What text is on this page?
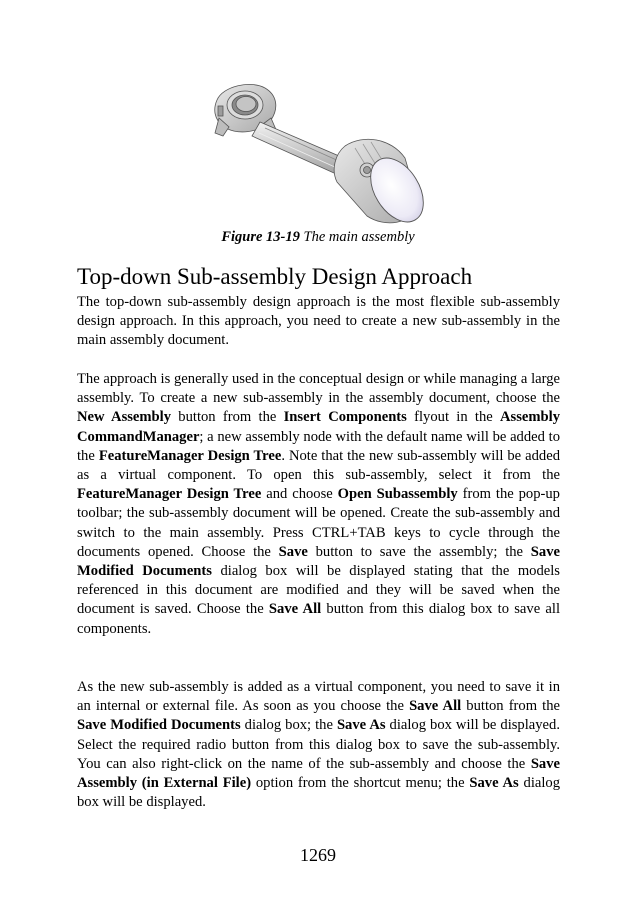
Figure 13-19 The main assembly
Top-down Sub-assembly Design Approach

The top-down sub-assembly design approach is the most flexible sub-assembly design approach. In this approach, you need to create a new sub-assembly in the main assembly document.

The approach is generally used in the conceptual design or while managing a large assembly. To create a new sub-assembly in the assembly document, choose the New Assembly button from the Insert Components flyout in the Assembly CommandManager; a new assembly node with the default name will be added to the FeatureManager Design Tree. Note that the new sub-assembly will be added as a virtual component. To open this sub-assembly, select it from the FeatureManager Design Tree and choose Open Subassembly from the pop-up toolbar; the sub-assembly document will be opened. Create the sub-assembly and switch to the main assembly. Press CTRL+TAB keys to cycle through the documents opened. Choose the Save button to save the assembly; the Save Modified Documents dialog box will be displayed stating that the models referenced in this document are modified and they will be saved when the document is saved. Choose the Save All button from this dialog box to save all components.

As the new sub-assembly is added as a virtual component, you need to save it in an internal or external file. As soon as you choose the Save All button from the Save Modified Documents dialog box; the Save As dialog box will be displayed. Select the required radio button from this dialog box to save the sub-assembly. You can also right-click on the name of the sub-assembly and choose the Save Assembly (in External File) option from the shortcut menu; the Save As dialog box will be displayed.

1269
